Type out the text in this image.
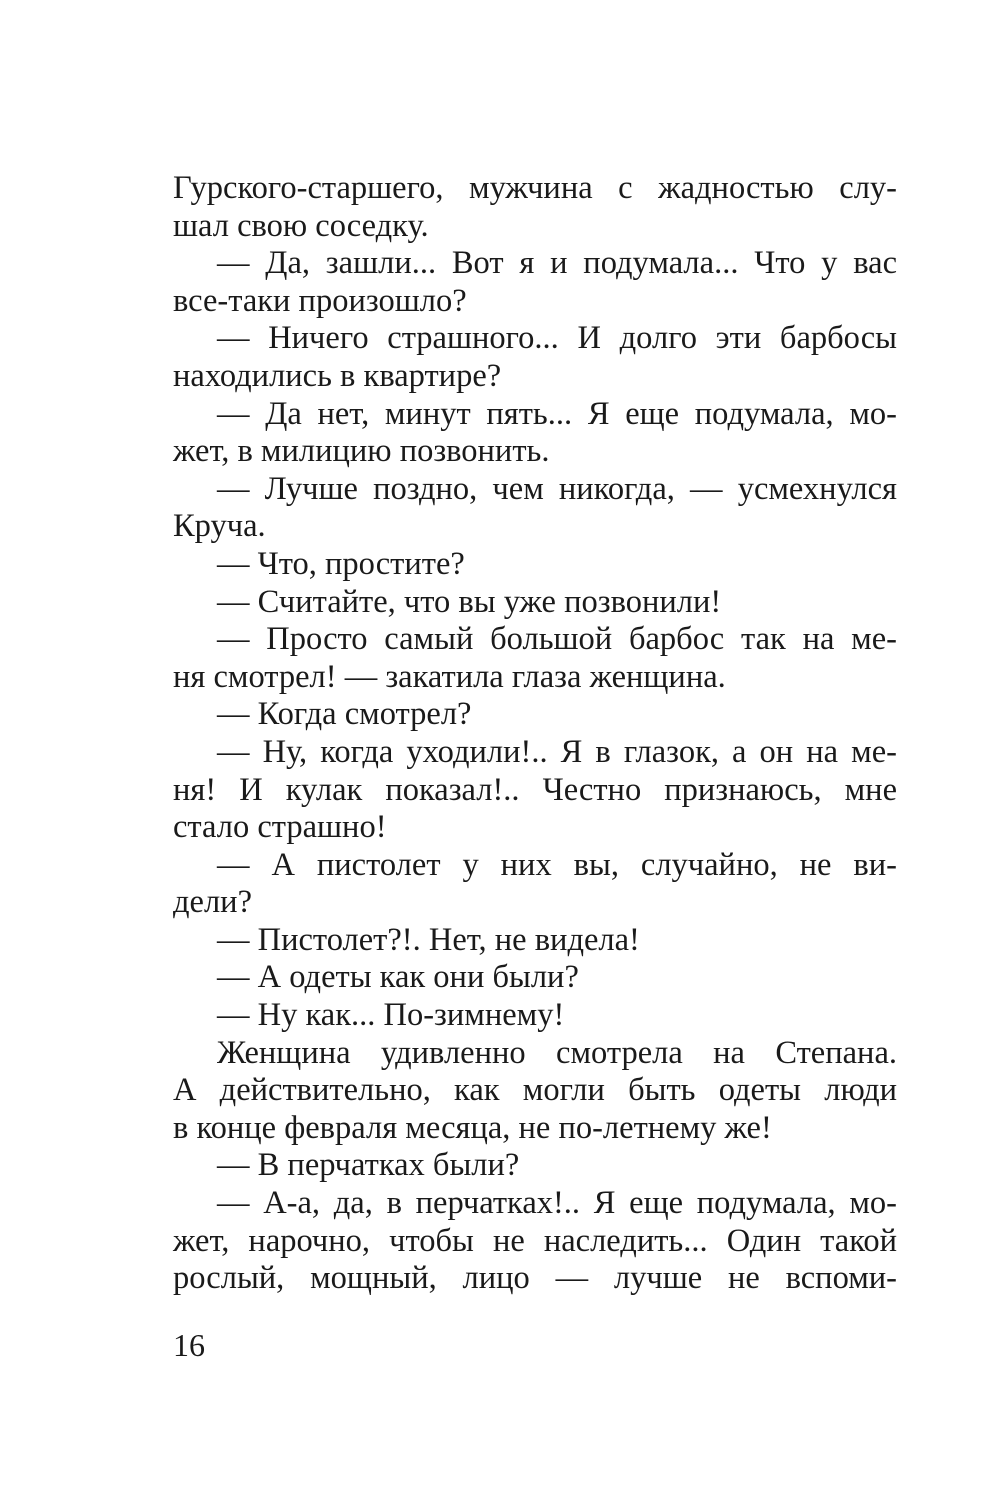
Гурского-старшего, мужчина с жадностью слу-
шал свою соседку.
— Да, зашли... Вот я и подумала... Что у вас
все-таки произошло?
— Ничего страшного... И долго эти барбосы
находились в квартире?
— Да нет, минут пять... Я еще подумала, мо-
жет, в милицию позвонить.
— Лучше поздно, чем никогда, — усмехнулся
Круча.
— Что, простите?
— Считайте, что вы уже позвонили!
— Просто самый большой барбос так на ме-
ня смотрел! — закатила глаза женщина.
— Когда смотрел?
— Ну, когда уходили!.. Я в глазок, а он на ме-
ня! И кулак показал!.. Честно признаюсь, мне
стало страшно!
— А пистолет у них вы, случайно, не ви-
дели?
— Пистолет?!. Нет, не видела!
— А одеты как они были?
— Ну как... По-зимнему!
Женщина удивленно смотрела на Степана.
А действительно, как могли быть одеты люди
в конце февраля месяца, не по-летнему же!
— В перчатках были?
— А-а, да, в перчатках!.. Я еще подумала, мо-
жет, нарочно, чтобы не наследить... Один такой
рослый, мощный, лицо — лучше не вспоми-
16
